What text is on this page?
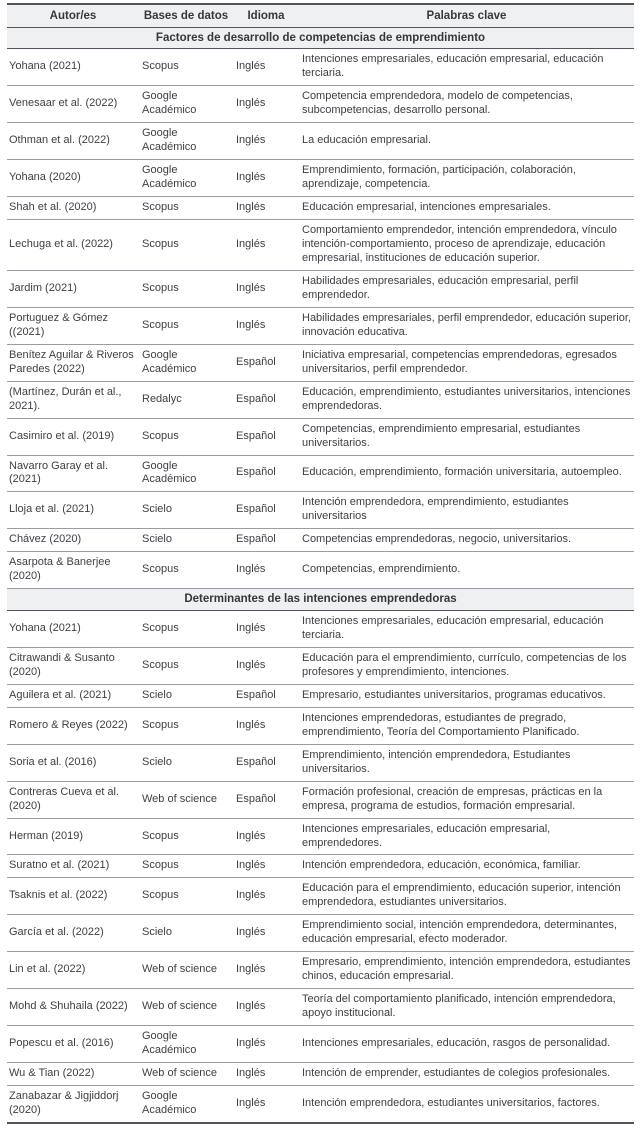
Autor/es	Bases de datos	Idioma	Palabras clave
Factores de desarrollo de competencias de emprendimiento			
Yohana (2021)	Scopus	Inglés	Intenciones empresariales, educación empresarial, educación terciaria.
Venesaar et al. (2022)	Google Académico	Inglés	Competencia emprendedora, modelo de competencias, subcompetencias, desarrollo personal.
Othman et al. (2022)	Google Académico	Inglés	La educación empresarial.
Yohana (2020)	Google Académico	Inglés	Emprendimiento, formación, participación, colaboración, aprendizaje, competencia.
Shah et al. (2020)	Scopus	Inglés	Educación empresarial, intenciones empresariales.
Lechuga et al. (2022)	Scopus	Inglés	Comportamiento emprendedor, intención emprendedora, vínculo intención-comportamiento, proceso de aprendizaje, educación empresarial, instituciones de educación superior.
Jardim (2021)	Scopus	Inglés	Habilidades empresariales, educación empresarial, perfil emprendedor.
Portuguez & Gómez ((2021)	Scopus	Inglés	Habilidades empresariales, perfil emprendedor, educación superior, innovación educativa.
Benítez Aguilar & Riveros Paredes (2022)	Google Académico	Español	Iniciativa empresarial, competencias emprendedoras, egresados universitarios, perfil emprendedor.
(Martínez, Durán et al., 2021).	Redalyc	Español	Educación, emprendimiento, estudiantes universitarios, intenciones emprendedoras.
Casimiro et al. (2019)	Scopus	Español	Competencias, emprendimiento empresarial, estudiantes universitarios.
Navarro Garay et al. (2021)	Google Académico	Español	Educación, emprendimiento, formación universitaria, autoempleo.
Lloja et al. (2021)	Scielo	Español	Intención emprendedora, emprendimiento, estudiantes universitarios
Chávez (2020)	Scielo	Español	Competencias emprendedoras, negocio, universitarios.
Asarpota & Banerjee (2020)	Scopus	Inglés	Competencias, emprendimiento.
Determinantes de las intenciones emprendedoras			
Yohana (2021)	Scopus	Inglés	Intenciones empresariales, educación empresarial, educación terciaria.
Citrawandi & Susanto (2020)	Scopus	Inglés	Educación para el emprendimiento, currículo, competencias de los profesores y emprendimiento, intenciones.
Aguilera et al. (2021)	Scielo	Español	Empresario, estudiantes universitarios, programas educativos.
Romero & Reyes (2022)	Scopus	Inglés	Intenciones emprendedoras, estudiantes de pregrado, emprendimiento, Teoría del Comportamiento Planificado.
Soria et al. (2016)	Scielo	Español	Emprendimiento, intención emprendedora, Estudiantes universitarios.
Contreras Cueva et al. (2020)	Web of science	Español	Formación profesional, creación de empresas, prácticas en la empresa, programa de estudios, formación empresarial.
Herman (2019)	Scopus	Inglés	Intenciones empresariales, educación empresarial, emprendedores.
Suratno et al. (2021)	Scopus	Inglés	Intención emprendedora, educación, económica, familiar.
Tsaknis et al. (2022)	Scopus	Inglés	Educación para el emprendimiento, educación superior, intención emprendedora, estudiantes universitarios.
García et al. (2022)	Scielo	Inglés	Emprendimiento social, intención emprendedora, determinantes, educación empresarial, efecto moderador.
Lin et al. (2022)	Web of science	Inglés	Empresario, emprendimiento, intención emprendedora, estudiantes chinos, educación empresarial.
Mohd & Shuhaila (2022)	Web of science	Inglés	Teoría del comportamiento planificado, intención emprendedora, apoyo institucional.
Popescu et al. (2016)	Google Académico	Inglés	Intenciones empresariales, educación, rasgos de personalidad.
Wu & Tian (2022)	Web of science	Inglés	Intención de emprender, estudiantes de colegios profesionales.
Zanabazar & Jigjiddorj (2020)	Google Académico	Inglés	Intención emprendedora, estudiantes universitarios, factores.
